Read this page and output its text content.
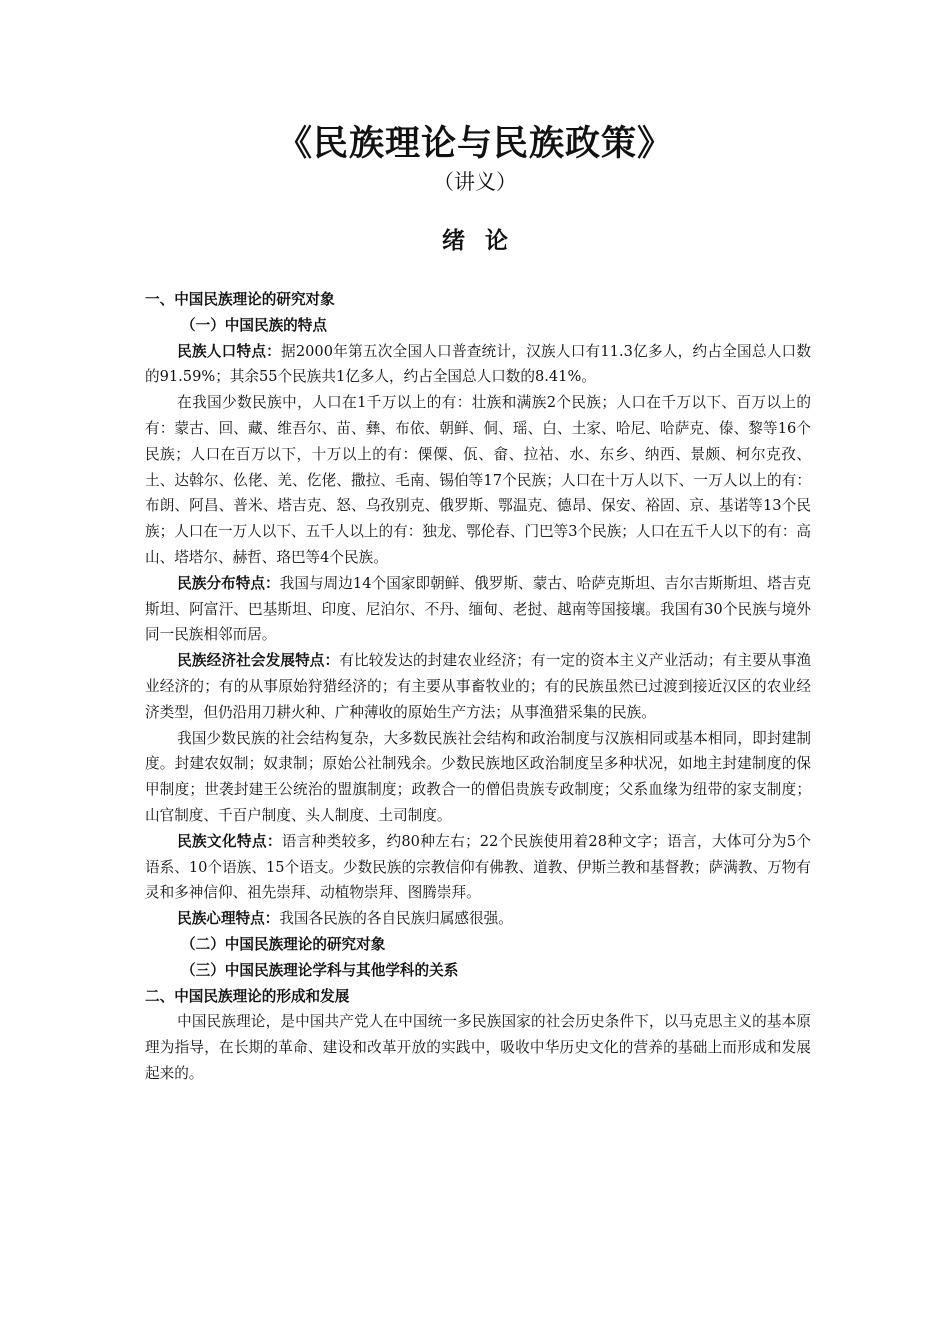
《民族理论与民族政策》
（讲义）
绪论

一、中国民族理论的研究对象

（一）中国民族的特点

民族人口特点：据2000年第五次全国人口普查统计，汉族人口有11.3亿多人，约占全国总人口数的91.59%；其余55个民族共1亿多人，约占全国总人口数的8.41%。

在我国少数民族中，人口在1千万以上的有：壮族和满族2个民族；人口在千万以下、百万以上的有：蒙古、回、藏、维吾尔、苗、彝、布依、朝鲜、侗、瑶、白、土家、哈尼、哈萨克、傣、黎等16个民族；人口在百万以下，十万以上的有：傈僳、佤、畲、拉祜、水、东乡、纳西、景颇、柯尔克孜、土、达斡尔、仫佬、羌、仡佬、撒拉、毛南、锡伯等17个民族；人口在十万人以下、一万人以上的有：布朗、阿昌、普米、塔吉克、怒、乌孜别克、俄罗斯、鄂温克、德昂、保安、裕固、京、基诺等13个民族；人口在一万人以下、五千人以上的有：独龙、鄂伦春、门巴等3个民族；人口在五千人以下的有：高山、塔塔尔、赫哲、珞巴等4个民族。

民族分布特点：我国与周边14个国家即朝鲜、俄罗斯、蒙古、哈萨克斯坦、吉尔吉斯斯坦、塔吉克斯坦、阿富汗、巴基斯坦、印度、尼泊尔、不丹、缅甸、老挝、越南等国接壤。我国有30个民族与境外同一民族相邻而居。

民族经济社会发展特点：有比较发达的封建农业经济；有一定的资本主义产业活动；有主要从事渔业经济的；有的从事原始狩猎经济的；有主要从事畜牧业的；有的民族虽然已过渡到接近汉区的农业经济类型，但仍沿用刀耕火种、广种薄收的原始生产方法；从事渔猎采集的民族。

我国少数民族的社会结构复杂，大多数民族社会结构和政治制度与汉族相同或基本相同，即封建制度。封建农奴制；奴隶制；原始公社制残余。少数民族地区政治制度呈多种状况，如地主封建制度的保甲制度；世袭封建王公统治的盟旗制度；政教合一的僧侣贵族专政制度；父系血缘为纽带的家支制度；山官制度、千百户制度、头人制度、土司制度。

民族文化特点：语言种类较多，约80种左右；22个民族使用着28种文字；语言，大体可分为5个语系、10个语族、15个语支。少数民族的宗教信仰有佛教、道教、伊斯兰教和基督教；萨满教、万物有灵和多神信仰、祖先崇拜、动植物崇拜、图腾崇拜。

民族心理特点：我国各民族的各自民族归属感很强。

（二）中国民族理论的研究对象

（三）中国民族理论学科与其他学科的关系

二、中国民族理论的形成和发展

中国民族理论，是中国共产党人在中国统一多民族国家的社会历史条件下，以马克思主义的基本原理为指导，在长期的革命、建设和改革开放的实践中，吸收中华历史文化的营养的基础上而形成和发展起来的。
